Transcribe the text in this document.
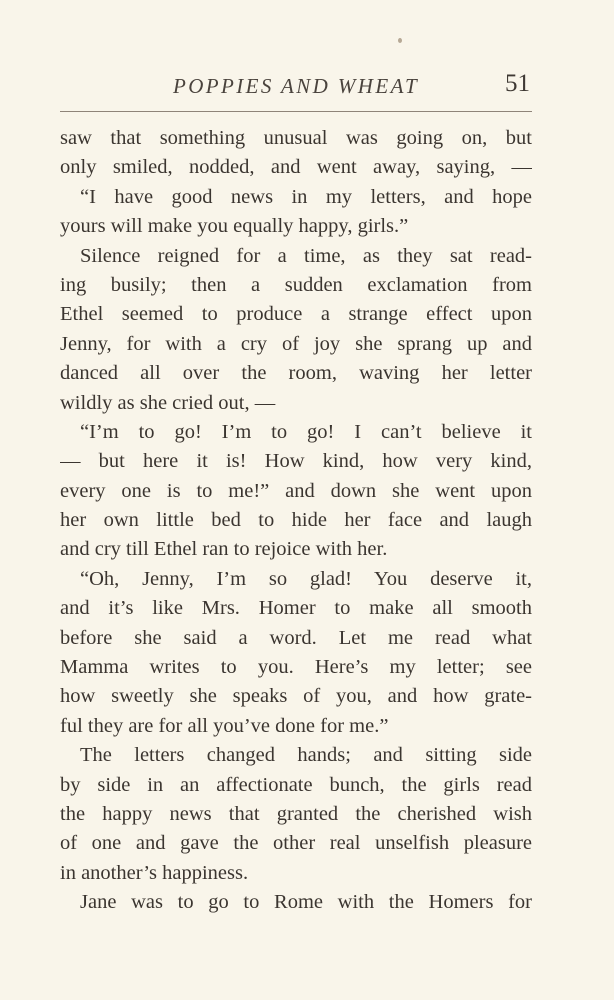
POPPIES AND WHEAT	51
saw that something unusual was going on, but
only smiled, nodded, and went away, saying, —
“I have good news in my letters, and hope
yours will make you equally happy, girls.”
Silence reigned for a time, as they sat read-
ing busily; then a sudden exclamation from
Ethel seemed to produce a strange effect upon
Jenny, for with a cry of joy she sprang up and
danced all over the room, waving her letter
wildly as she cried out, —
“I’m to go! I’m to go! I can’t believe it
— but here it is! How kind, how very kind,
every one is to me!” and down she went upon
her own little bed to hide her face and laugh
and cry till Ethel ran to rejoice with her.
“Oh, Jenny, I’m so glad! You deserve it,
and it’s like Mrs. Homer to make all smooth
before she said a word. Let me read what
Mamma writes to you. Here’s my letter; see
how sweetly she speaks of you, and how grate-
ful they are for all you’ve done for me.”
The letters changed hands; and sitting side
by side in an affectionate bunch, the girls read
the happy news that granted the cherished wish
of one and gave the other real unselfish pleasure
in another’s happiness.
Jane was to go to Rome with the Homers for
